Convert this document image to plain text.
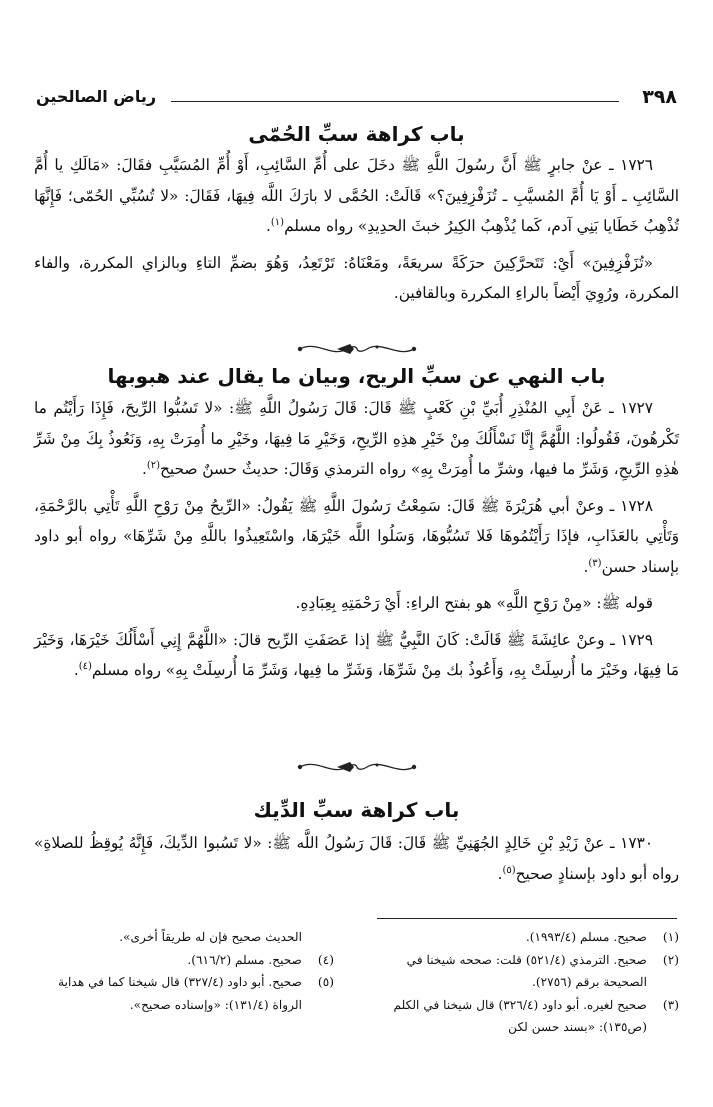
٣٩٨
رياض الصالحين
باب كراهة سبِّ الحُمّى

١٧٢٦ ـ عنْ جابرٍ ﷺ أَنَّ رسُولَ اللَّهِ ﷺ دخَلَ على أُمِّ السَّائِبِ، أَوْ أُمِّ المُسَيَّبِ فقَالَ: «مَالَكِ يا أُمَّ السَّائِبِ ـ أَوْ يَا أُمَّ المُسيَّبِ ـ تُزَفْزِفِينَ؟» قَالَتْ: الحُمَّى لا بارَكَ اللَّه فِيهَا، فَقَالَ: «لا تُسُبِّي الحُمّى؛ فَإِنَّهَا تُذْهِبُ خَطَايا بَنِي آدم، كَما يُذْهِبُ الكِيرُ خبثَ الحدِيدِ» رواه مسلم$^{(١)}$.

«تُزَفْزِفِينَ» أَيْ: تَتَحرَّكِينَ حرَكَةً سريعَةً، ومَعْنَاهُ: تَرْتَعِدُ، وَهُوَ بضمِّ التاءِ وبالزاي المكررة، والفاء المكررة، ورُوِيَ أَيْضاً بالراءِ المكررة وبالقافين.

باب النهي عن سبِّ الريح، وبيان ما يقال عند هبوبها

١٧٢٧ ـ عَنْ أَبِي المُنْذِرِ أُبَيِّ بْنِ كَعْبٍ ﷺ قَالَ: قَالَ رَسُولُ اللَّهِ ﷺ: «لا تَسُبُّوا الرِّيحَ، فَإِذَا رَأَيْتُم ما تَكْرهُونَ، فَقُولُوا: اللَّهُمَّ إِنَّا نَسْأَلُكَ مِنْ خَيْرِ هذِهِ الرِّيحِ، وَخَيْرِ مَا فِيهَا، وخَيْرِ ما أُمِرَتْ بِهِ، وَنَعُوذُ بِكَ مِنْ شَرِّ هٰذِهِ الرِّيحِ، وَشَرِّ ما فيها، وشرِّ ما أُمِرَتْ بِهِ» رواه الترمذي وَقَالَ: حديثٌ حسنٌ صحيح$^{(٢)}$.

١٧٢٨ ـ وعنْ أبي هُرَيْرَةَ ﷺ قَالَ: سَمِعْتُ رَسُولَ اللَّهِ ﷺ يَقُولُ: «الرِّيحُ مِنْ رَوْحِ اللَّهِ تَأْتِي بالرَّحْمَةِ، وَتَأْتِي بالعَذَابِ، فإذَا رَأَيْتُمُوهَا فَلا تَسُبُّوهَا، وَسَلُوا اللَّه خَيْرَهَا، واسْتَعِيذُوا باللَّهِ مِنْ شَرِّهَا» رواه أبو داود بإسناد حسن$^{(٣)}$.

قوله ﷺ: «مِنْ رَوْحِ اللَّهِ» هو بفتح الراءِ: أَيْ رَحْمَتِهِ بِعِبَادِهِ.

١٧٢٩ ـ وعنْ عائِشَةَ ﷺ قَالَتْ: كَانَ النَّبِيُّ ﷺ إذا عَصَفَتِ الرِّيح قالَ: «اللَّهُمَّ إِنِي أَسْأَلُكَ خَيْرَهَا، وَخَيْرَ مَا فِيهَا، وخَيْرَ ما أُرسِلَتْ بِهِ، وَأَعُوذُ بك مِنْ شَرِّهَا، وَشَرِّ ما فِيها، وَشَرِّ مَا أُرسِلَتْ بِهِ» رواه مسلم$^{(٤)}$.

باب كراهة سبِّ الدِّيك

١٧٣٠ ـ عنْ زَيْدِ بْنِ خَالِدٍ الجُهَنِيِّ ﷺ قَالَ: قَالَ رَسُولُ اللَّه ﷺ: «لا تَسُبوا الدِّيكَ، فَإِنَّهُ يُوقِظُ للصلاةِ» رواه أبو داود بإسنادٍ صحيح$^{(٥)}$.

(١)
صحيح. مسلم (١٩٩٣/٤).
(٢)
صحيح. الترمذي (٥٢١/٤) قلت: صححه شيخنا في الصحيحة برقم (٢٧٥٦).
(٣)
صحيح لغيره. أبو داود (٣٢٦/٤) قال شيخنا في الكلم (ص١٣٥): «بسند حسن لكن
الحديث صحيح فإن له طريقاً أخرى».
(٤)
صحيح. مسلم (٦١٦/٢).
(٥)
صحيح. أبو داود (٣٢٧/٤) قال شيخنا كما في هداية الرواة (١٣١/٤): «وإسناده صحيح».
